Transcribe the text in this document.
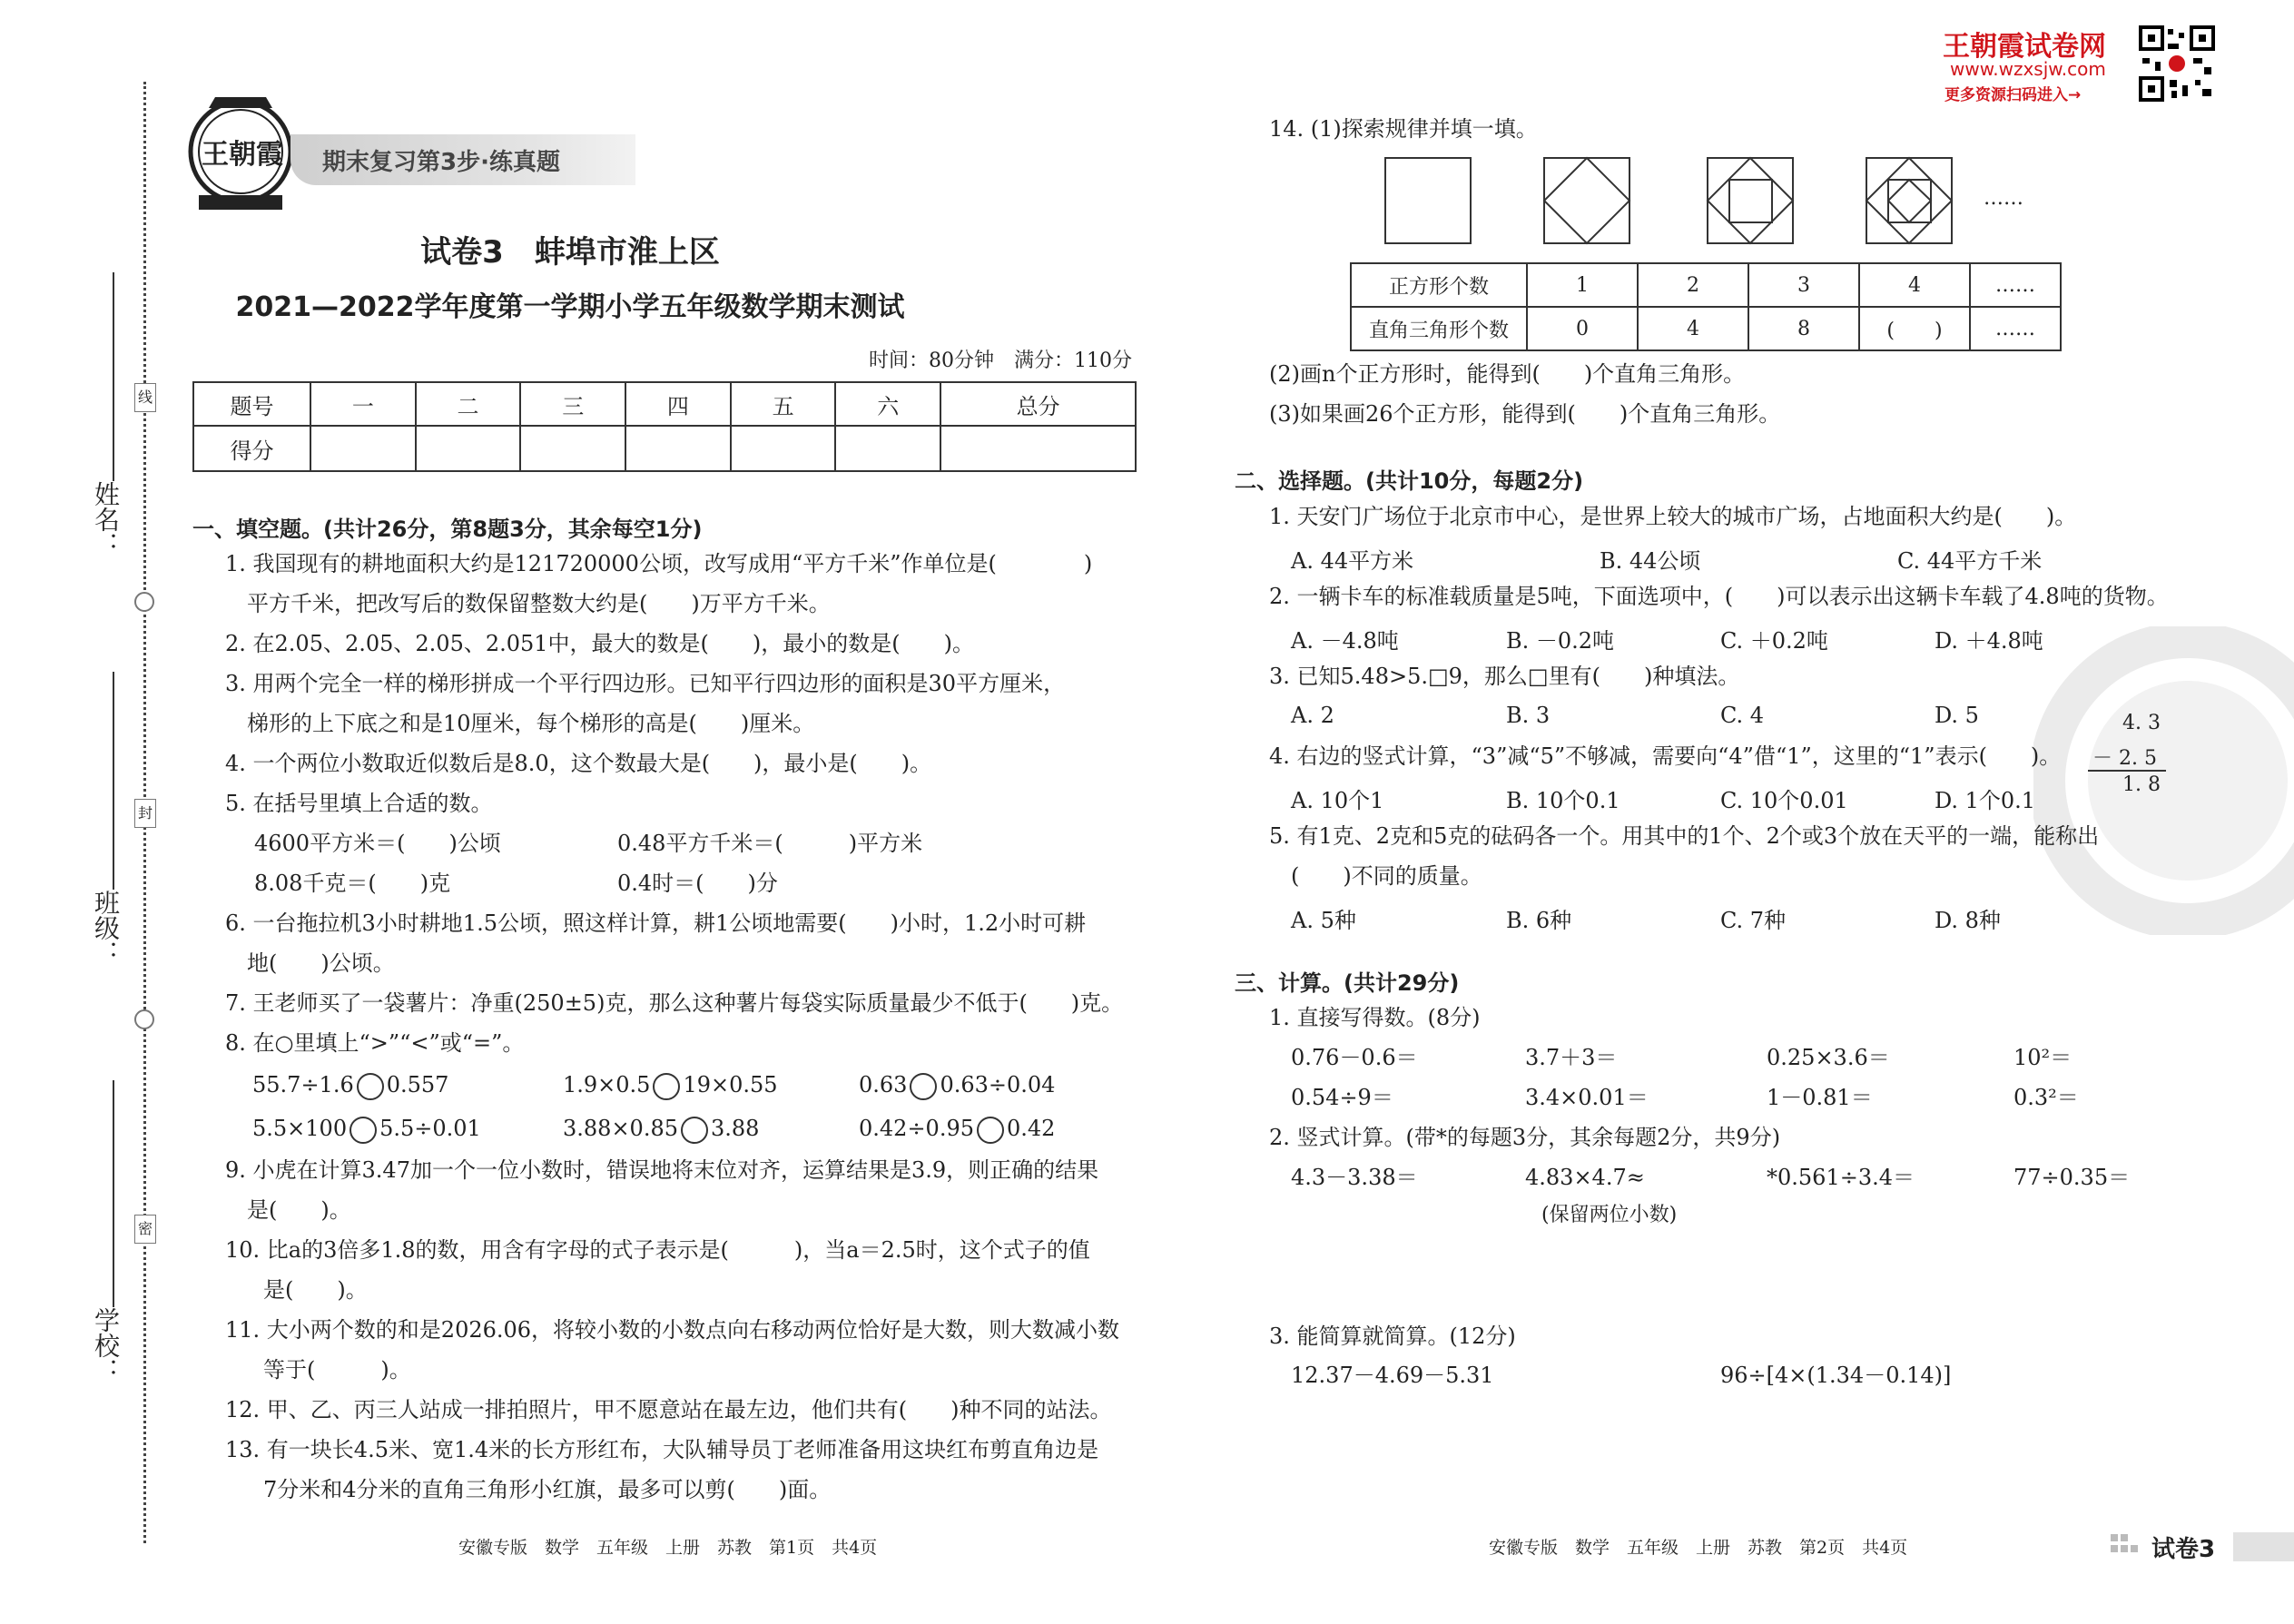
线
封
密
姓名：
班级：
学校：
王朝霞 期末复习第3步·练真题
试卷3　蚌埠市淮上区
2021—2022学年度第一学期小学五年级数学期末测试
时间：80分钟　满分：110分
题号	一	二	三	四	五	六	总分
得分							
一、填空题。(共计26分，第8题3分，其余每空1分)
1. 我国现有的耕地面积大约是121720000公顷，改写成用“平方千米”作单位是(　　　　)
平方千米，把改写后的数保留整数大约是(　　)万平方千米。
2. 在2.05、2.05、2.05、2.051中，最大的数是(　　)，最小的数是(　　)。
3. 用两个完全一样的梯形拼成一个平行四边形。已知平行四边形的面积是30平方厘米，
梯形的上下底之和是10厘米，每个梯形的高是(　　)厘米。
4. 一个两位小数取近似数后是8.0，这个数最大是(　　)，最小是(　　)。
5. 在括号里填上合适的数。
4600平方米＝(　　)公顷	0.48平方千米＝(　　　)平方米
8.08千克＝(　　)克	0.4时＝(　　)分
6. 一台拖拉机3小时耕地1.5公顷，照这样计算，耕1公顷地需要(　　)小时，1.2小时可耕
地(　　)公顷。
7. 王老师买了一袋薯片：净重(250±5)克，那么这种薯片每袋实际质量最少不低于(　　)克。
8. 在○里填上“>”“<”或“=”。
55.7÷1.6 0.557	1.9×0.5 19×0.55	0.63 0.63÷0.04
5.5×100 5.5÷0.01	3.88×0.85 3.88	0.42÷0.95 0.42
9. 小虎在计算3.47加一个一位小数时，错误地将末位对齐，运算结果是3.9，则正确的结果
是(　　)。
10. 比a的3倍多1.8的数，用含有字母的式子表示是(　　　)，当a＝2.5时，这个式子的值
是(　　)。
11. 大小两个数的和是2026.06，将较小数的小数点向右移动两位恰好是大数，则大数减小数
等于(　　　)。
12. 甲、乙、丙三人站成一排拍照片，甲不愿意站在最左边，他们共有(　　)种不同的站法。
13. 有一块长4.5米、宽1.4米的长方形红布，大队辅导员丁老师准备用这块红布剪直角边是
7分米和4分米的直角三角形小红旗，最多可以剪(　　)面。
安徽专版　数学　五年级　上册　苏教　第1页　共4页
王朝霞试卷网
www.wzxsjw.com
更多资源扫码进入→
14. (1)探索规律并填一填。
……
正方形个数	1	2	3	4	……
直角三角形个数	0	4	8	(　　)	……
(2)画n个正方形时，能得到(　　)个直角三角形。
(3)如果画26个正方形，能得到(　　)个直角三角形。
二、选择题。(共计10分，每题2分)
1. 天安门广场位于北京市中心，是世界上较大的城市广场，占地面积大约是(　　)。
A. 44平方米	B. 44公顷	C. 44平方千米
2. 一辆卡车的标准载质量是5吨，下面选项中，(　　)可以表示出这辆卡车载了4.8吨的货物。
A. －4.8吨	B. －0.2吨	C. ＋0.2吨	D. ＋4.8吨
3. 已知5.48>5.□9，那么□里有(　　)种填法。
A. 2	B. 3	C. 4	D. 5
4. 右边的竖式计算，“3”减“5”不够减，需要向“4”借“1”，这里的“1”表示(　　)。
4. 3
－ 2. 5
1. 8
A. 10个1	B. 10个0.1	C. 10个0.01	D. 1个0.1
5. 有1克、2克和5克的砝码各一个。用其中的1个、2个或3个放在天平的一端，能称出
(　　)不同的质量。
A. 5种	B. 6种	C. 7种	D. 8种
三、计算。(共计29分)
1. 直接写得数。(8分)
0.76－0.6＝	3.7＋3＝	0.25×3.6＝	10²＝
0.54÷9＝	3.4×0.01＝	1－0.81＝	0.3²＝
2. 竖式计算。(带*的每题3分，其余每题2分，共9分)
4.3－3.38＝	4.83×4.7≈	*0.561÷3.4＝	77÷0.35＝
(保留两位小数)
3. 能简算就简算。(12分)
12.37－4.69－5.31	96÷[4×(1.34－0.14)]
安徽专版　数学　五年级　上册　苏教　第2页　共4页	试卷3
